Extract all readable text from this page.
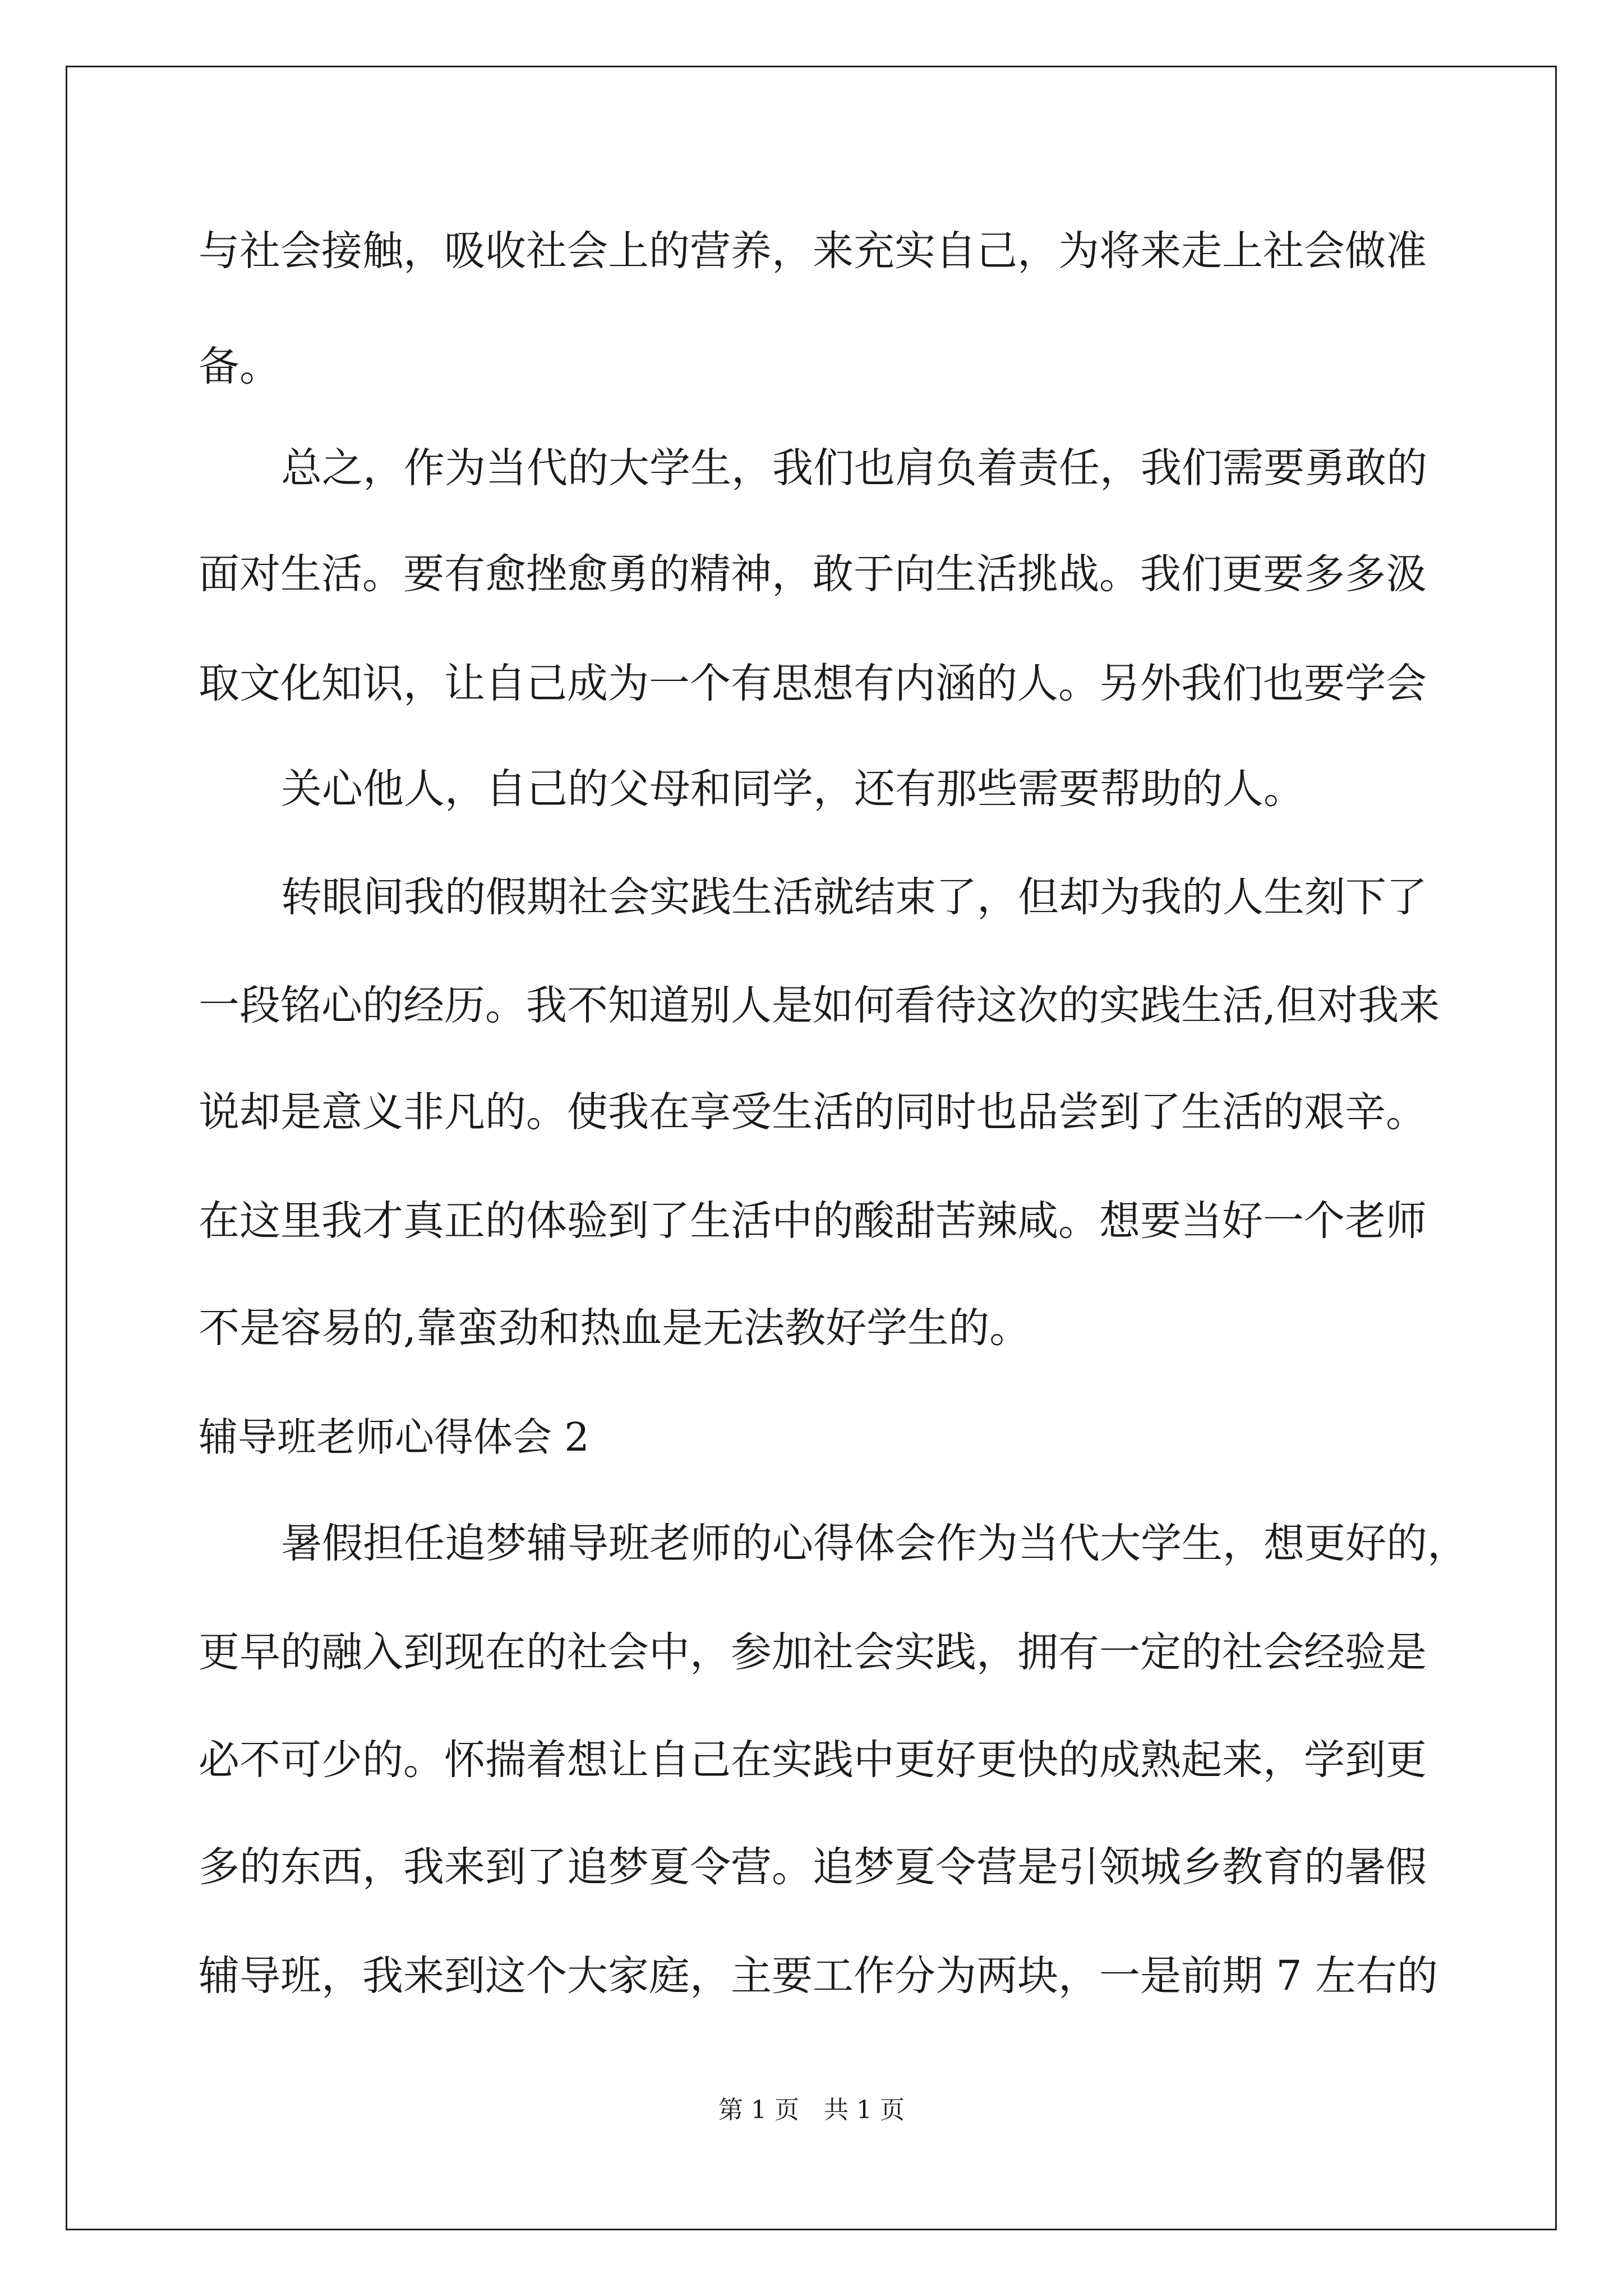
与社会接触，吸收社会上的营养，来充实自己，为将来走上社会做准
备。
总之，作为当代的大学生，我们也肩负着责任，我们需要勇敢的
面对生活。要有愈挫愈勇的精神，敢于向生活挑战。我们更要多多汲
取文化知识，让自己成为一个有思想有内涵的人。另外我们也要学会
关心他人，自己的父母和同学，还有那些需要帮助的人。
转眼间我的假期社会实践生活就结束了，但却为我的人生刻下了
一段铭心的经历。我不知道别人是如何看待这次的实践生活,但对我来
说却是意义非凡的。使我在享受生活的同时也品尝到了生活的艰辛。
在这里我才真正的体验到了生活中的酸甜苦辣咸。想要当好一个老师
不是容易的,靠蛮劲和热血是无法教好学生的。
辅导班老师心得体会 2
暑假担任追梦辅导班老师的心得体会作为当代大学生，想更好的，
更早的融入到现在的社会中，参加社会实践，拥有一定的社会经验是
必不可少的。怀揣着想让自己在实践中更好更快的成熟起来，学到更
多的东西，我来到了追梦夏令营。追梦夏令营是引领城乡教育的暑假
辅导班，我来到这个大家庭，主要工作分为两块，一是前期 7 左右的
第 1 页　共 1 页
